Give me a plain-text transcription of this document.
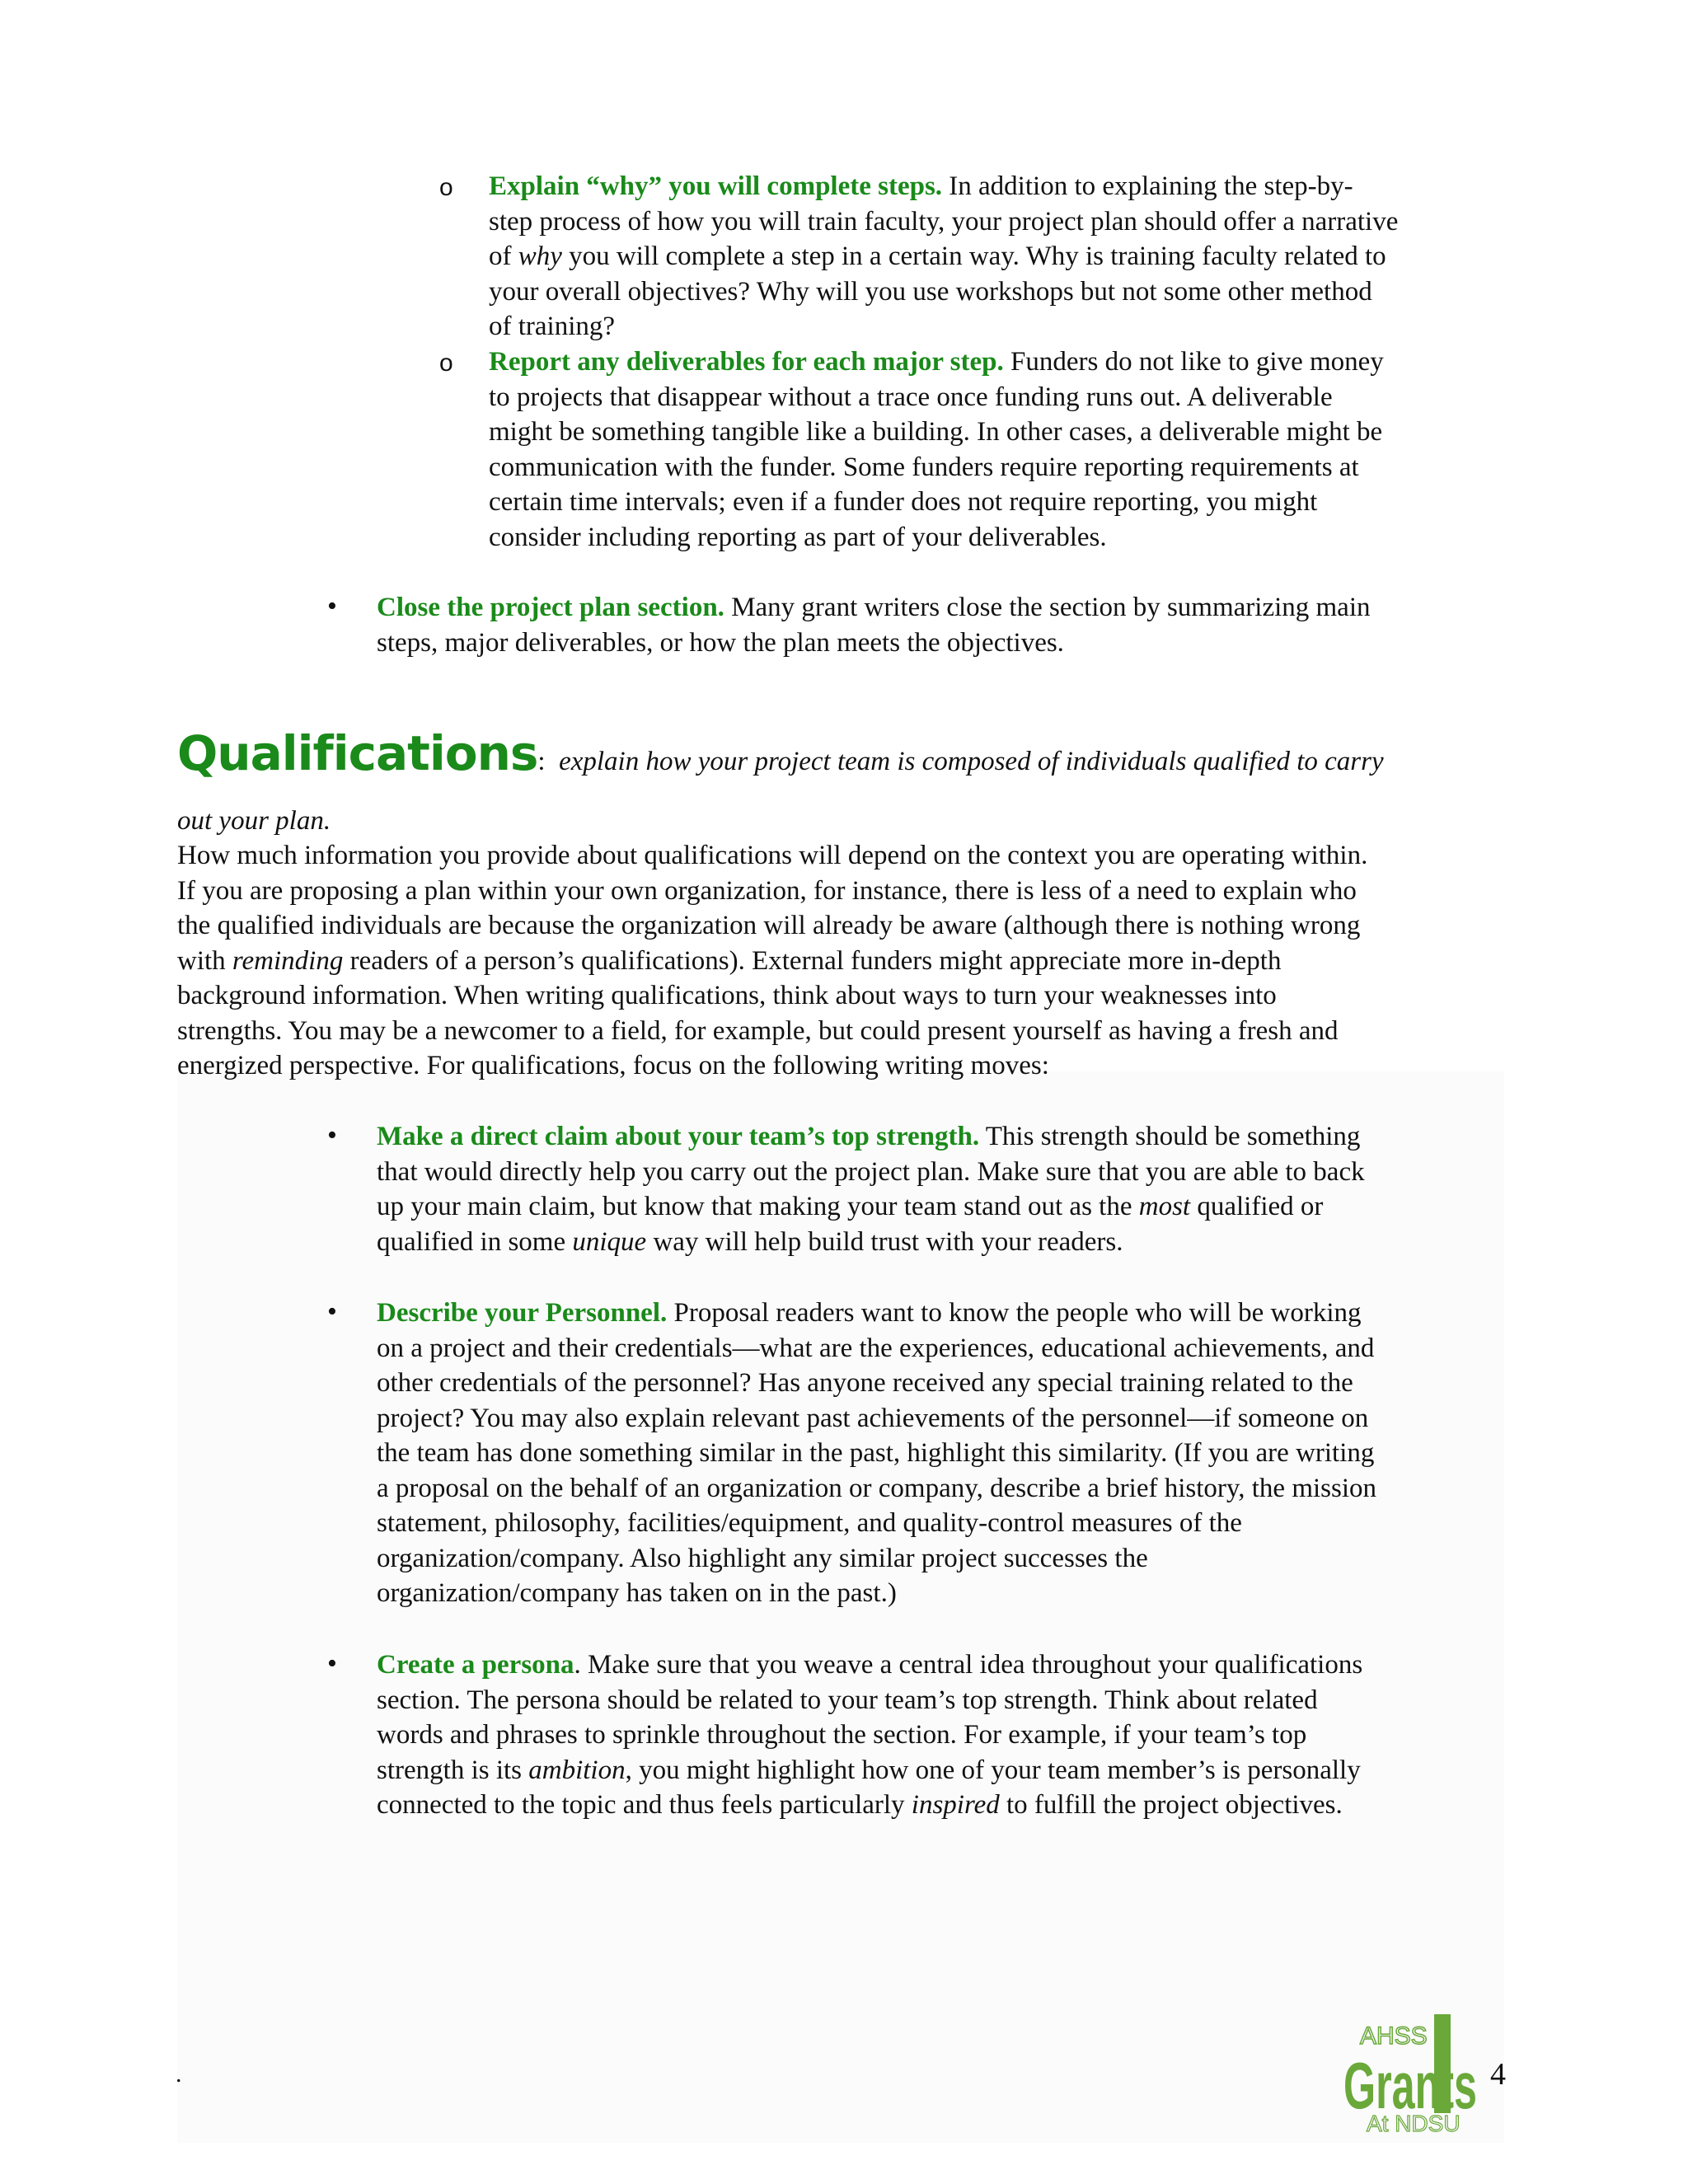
o Explain “why” you will complete steps. In addition to explaining the step-by-
step process of how you will train faculty, your project plan should offer a narrative
of why you will complete a step in a certain way. Why is training faculty related to
your overall objectives? Why will you use workshops but not some other method
of training?
o Report any deliverables for each major step. Funders do not like to give money
to projects that disappear without a trace once funding runs out. A deliverable
might be something tangible like a building. In other cases, a deliverable might be
communication with the funder. Some funders require reporting requirements at
certain time intervals; even if a funder does not require reporting, you might
consider including reporting as part of your deliverables.
• Close the project plan section. Many grant writers close the section by summarizing main
steps, major deliverables, or how the plan meets the objectives.
Qualifications: explain how your project team is composed of individuals qualified to carry
out your plan.
How much information you provide about qualifications will depend on the context you are operating within.
If you are proposing a plan within your own organization, for instance, there is less of a need to explain who
the qualified individuals are because the organization will already be aware (although there is nothing wrong
with reminding readers of a person’s qualifications). External funders might appreciate more in-depth
background information. When writing qualifications, think about ways to turn your weaknesses into
strengths. You may be a newcomer to a field, for example, but could present yourself as having a fresh and
energized perspective. For qualifications, focus on the following writing moves:
• Make a direct claim about your team’s top strength. This strength should be something
that would directly help you carry out the project plan. Make sure that you are able to back
up your main claim, but know that making your team stand out as the most qualified or
qualified in some unique way will help build trust with your readers.
• Describe your Personnel. Proposal readers want to know the people who will be working
on a project and their credentials—what are the experiences, educational achievements, and
other credentials of the personnel? Has anyone received any special training related to the
project? You may also explain relevant past achievements of the personnel—if someone on
the team has done something similar in the past, highlight this similarity. (If you are writing
a proposal on the behalf of an organization or company, describe a brief history, the mission
statement, philosophy, facilities/equipment, and quality-control measures of the
organization/company. Also highlight any similar project successes the
organization/company has taken on in the past.)
• Create a persona. Make sure that you weave a central idea throughout your qualifications
section. The persona should be related to your team’s top strength. Think about related
words and phrases to sprinkle throughout the section. For example, if your team’s top
strength is its ambition, you might highlight how one of your team member’s is personally
connected to the topic and thus feels particularly inspired to fulfill the project objectives.
.
AHSS
Grants
At NDSU
4
